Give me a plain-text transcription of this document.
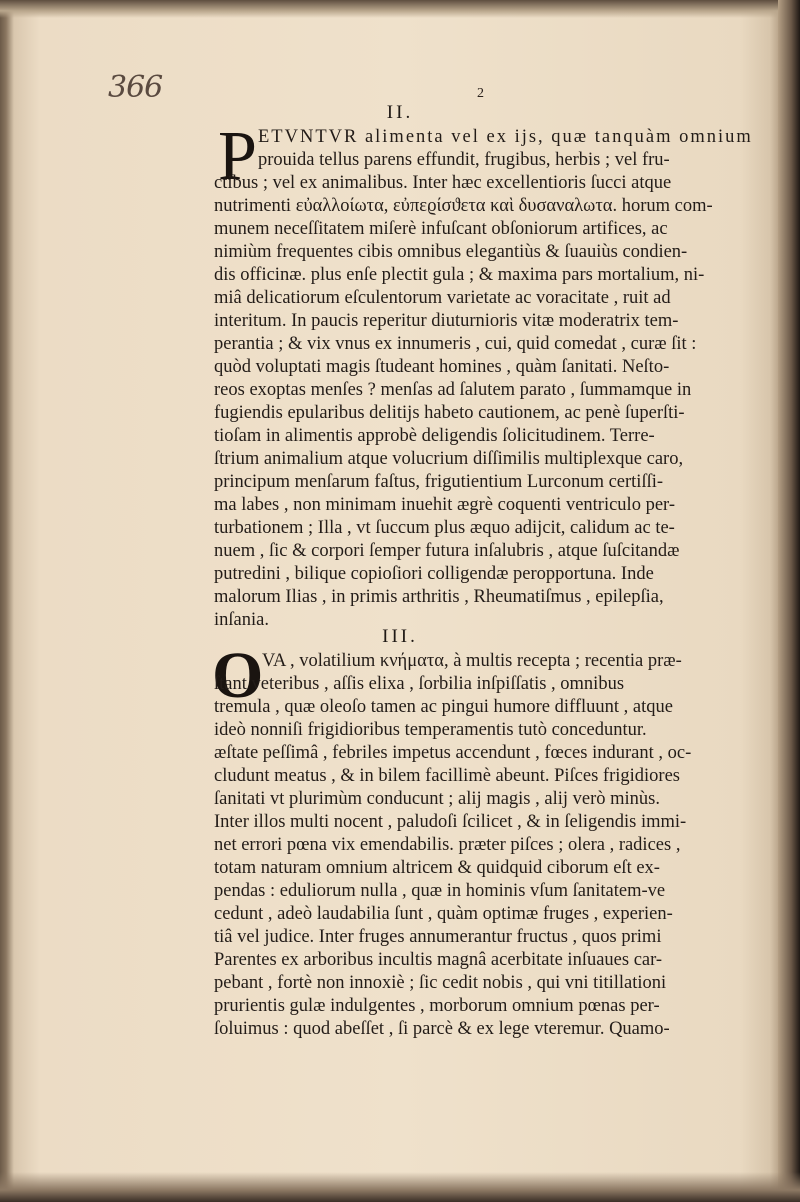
366	2
II.
P ETVNTVR alimenta vel ex ijs, quæ tanquàm omnium
prouida tellus parens effundit, frugibus, herbis ; vel fru-
ctibus ; vel ex animalibus. Inter hæc excellentioris ſucci atque
nutrimenti εὐαλλοίωτα, εὐπεϱίσϑετα καὶ δυσαναλωτα. horum com-
munem neceſſitatem miſerè infuſcant obſoniorum artifices, ac
nimiùm frequentes cibis omnibus elegantiùs & ſuauiùs condien-
dis officinæ. plus enſe plectit gula ; & maxima pars mortalium, ni-
miâ delicatiorum eſculentorum varietate ac voracitate , ruit ad
interitum. In paucis reperitur diuturnioris vitæ moderatrix tem-
perantia ; & vix vnus ex innumeris , cui, quid comedat , curæ ſit :
quòd voluptati magis ſtudeant homines , quàm ſanitati. Neſto-
reos exoptas menſes ? menſas ad ſalutem parato , ſummamque in
fugiendis epularibus delitijs habeto cautionem, ac penè ſuperſti-
tioſam in alimentis approbè deligendis ſolicitudinem. Terre-
ſtrium animalium atque volucrium diſſimilis multiplexque caro,
principum menſarum faſtus, frigutientium Lurconum certiſſi-
ma labes , non minimam inuehit ægrè coquenti ventriculo per-
turbationem ; Illa , vt ſuccum plus æquo adijcit, calidum ac te-
nuem , ſic & corpori ſemper futura inſalubris , atque ſuſcitandæ
putredini , bilique copioſiori colligendæ peropportuna. Inde
malorum Ilias , in primis arthritis , Rheumatiſmus , epilepſia,
inſania.
III.
O
VA , volatilium κνήματα, à multis recepta ; recentia præ-
ſtant veteribus , aſſis elixa , ſorbilia inſpiſſatis , omnibus
tremula , quæ oleoſo tamen ac pingui humore diffluunt , atque
ideò nonniſi frigidioribus temperamentis tutò conceduntur.
æſtate peſſimâ , febriles impetus accendunt , fœces indurant , oc-
cludunt meatus , & in bilem facillimè abeunt. Piſces frigidiores
ſanitati vt plurimùm conducunt ; alij magis , alij verò minùs.
Inter illos multi nocent , paludoſi ſcilicet , & in ſeligendis immi-
net errori pœna vix emendabilis. præter piſces ; olera , radices ,
totam naturam omnium altricem & quidquid ciborum eſt ex-
pendas : eduliorum nulla , quæ in hominis vſum ſanitatem-ve
cedunt , adeò laudabilia ſunt , quàm optimæ fruges , experien-
tiâ vel judice. Inter fruges annumerantur fructus , quos primi
Parentes ex arboribus incultis magnâ acerbitate inſuaues car-
pebant , fortè non innoxiè ; ſic cedit nobis , qui vni titillationi
prurientis gulæ indulgentes , morborum omnium pœnas per-
ſoluimus : quod abeſſet , ſi parcè & ex lege vteremur. Quamo-
